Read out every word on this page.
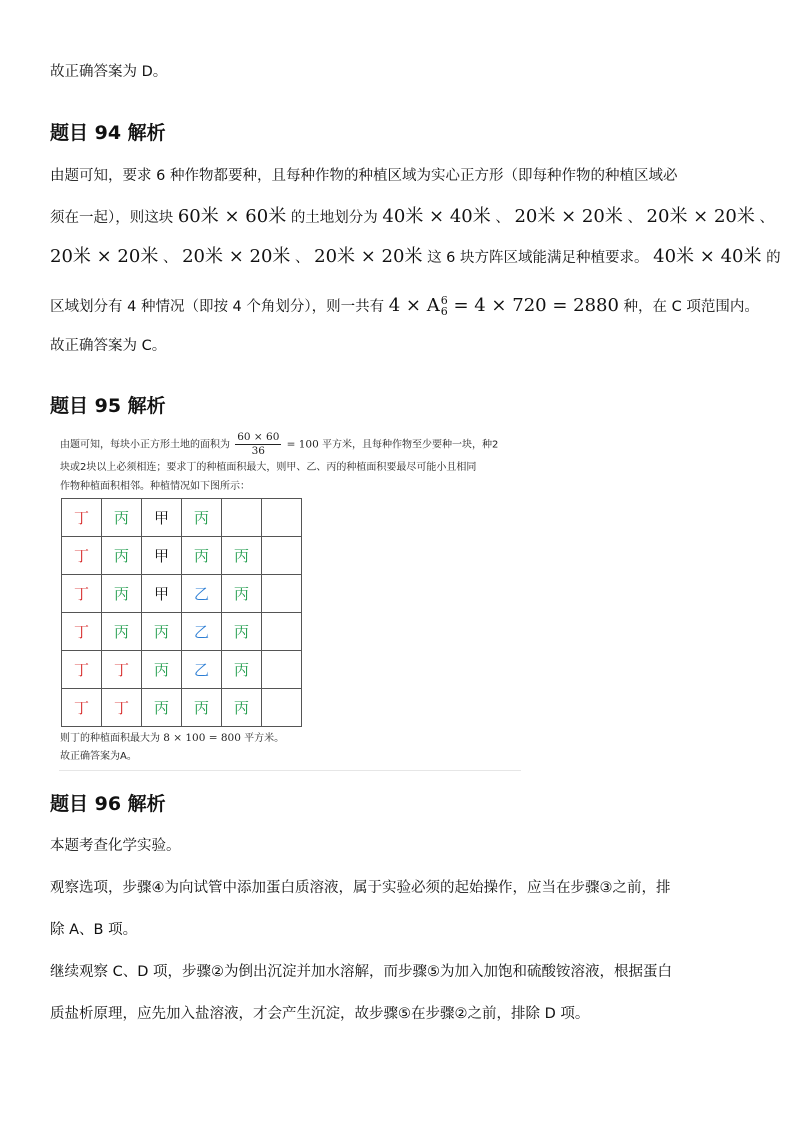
故正确答案为 D。
题目 94 解析
由题可知，要求 6 种作物都要种，且每种作物的种植区域为实心正方形（即每种作物的种植区域必
须在一起），则这块 60米 × 60米 的土地划分为 40米 × 40米 、 20米 × 20米 、 20米 × 20米 、
20米 × 20米 、 20米 × 20米 、 20米 × 20米 这 6 块方阵区域能满足种植要求。 40米 × 40米 的
区域划分有 4 种情况（即按 4 个角划分），则一共有 4 × A 6
6 = 4 × 720 = 2880 种，在 C 项范围内。
故正确答案为 C。
题目 95 解析
由题可知，每块小正方形土地的面积为 $\frac{60 \times 60}{36} = 100$ 平方米，且每种作物至少要种一块，种2
块或2块以上必须相连；要求丁的种植面积最大，则甲、乙、丙的种植面积要最尽可能小且相同
作物种植面积相邻。种植情况如下图所示：
丁	丙	甲	丙		
丁	丙	甲	丙	丙	
丁	丙	甲	乙	丙	
丁	丙	丙	乙	丙	
丁	丁	丙	乙	丙	
丁	丁	丙	丙	丙	
则丁的种植面积最大为 8 × 100 = 800 平方米。
故正确答案为A。
题目 96 解析
本题考查化学实验。
观察选项，步骤④为向试管中添加蛋白质溶液，属于实验必须的起始操作，应当在步骤③之前，排
除 A、B 项。
继续观察 C、D 项，步骤②为倒出沉淀并加水溶解，而步骤⑤为加入加饱和硫酸铵溶液，根据蛋白
质盐析原理，应先加入盐溶液，才会产生沉淀，故步骤⑤在步骤②之前，排除 D 项。
